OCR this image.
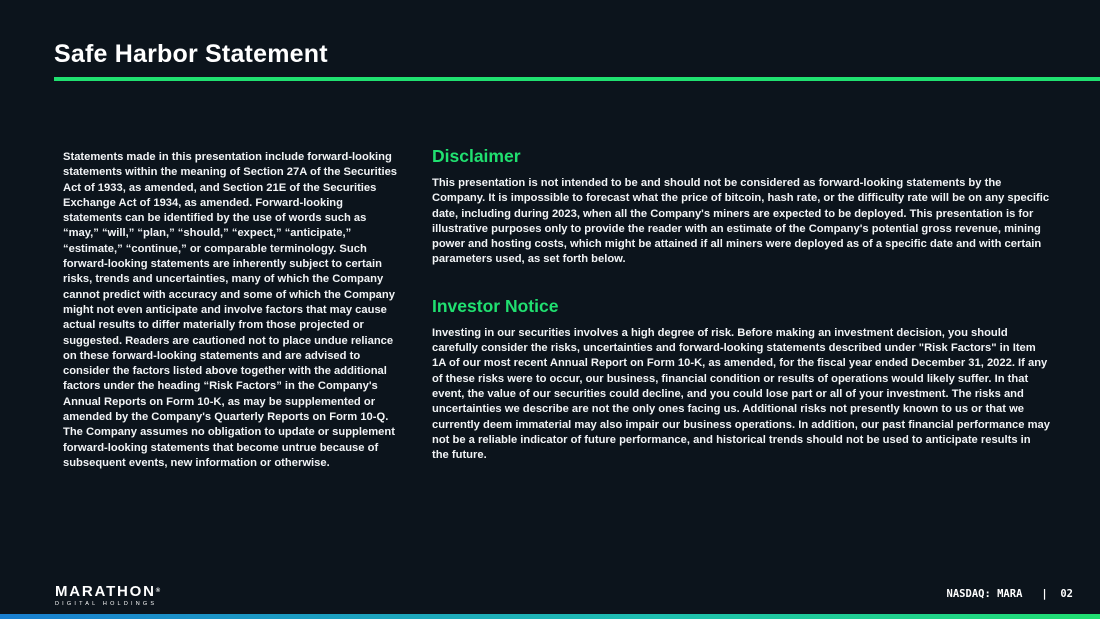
Safe Harbor Statement
Statements made in this presentation include forward-looking statements within the meaning of Section 27A of the Securities Act of 1933, as amended, and Section 21E of the Securities Exchange Act of 1934, as amended. Forward-looking statements can be identified by the use of words such as “may,” “will,” “plan,” “should,” “expect,” “anticipate,” “estimate,” “continue,” or comparable terminology. Such forward-looking statements are inherently subject to certain risks, trends and uncertainties, many of which the Company cannot predict with accuracy and some of which the Company might not even anticipate and involve factors that may cause actual results to differ materially from those projected or suggested. Readers are cautioned not to place undue reliance on these forward-looking statements and are advised to consider the factors listed above together with the additional factors under the heading “Risk Factors” in the Company's Annual Reports on Form 10-K, as may be supplemented or amended by the Company's Quarterly Reports on Form 10-Q. The Company assumes no obligation to update or supplement forward-looking statements that become untrue because of subsequent events, new information or otherwise.
Disclaimer
This presentation is not intended to be and should not be considered as forward-looking statements by the Company. It is impossible to forecast what the price of bitcoin, hash rate, or the difficulty rate will be on any specific date, including during 2023, when all the Company's miners are expected to be deployed. This presentation is for illustrative purposes only to provide the reader with an estimate of the Company's potential gross revenue, mining power and hosting costs, which might be attained if all miners were deployed as of a specific date and with certain parameters used, as set forth below.
Investor Notice
Investing in our securities involves a high degree of risk. Before making an investment decision, you should carefully consider the risks, uncertainties and forward-looking statements described under "Risk Factors" in Item 1A of our most recent Annual Report on Form 10-K, as amended, for the fiscal year ended December 31, 2022. If any of these risks were to occur, our business, financial condition or results of operations would likely suffer. In that event, the value of our securities could decline, and you could lose part or all of your investment. The risks and uncertainties we describe are not the only ones facing us. Additional risks not presently known to us or that we currently deem immaterial may also impair our business operations. In addition, our past financial performance may not be a reliable indicator of future performance, and historical trends should not be used to anticipate results in the future.
MARATHON®
DIGITAL HOLDINGS
NASDAQ: MARA | 02
